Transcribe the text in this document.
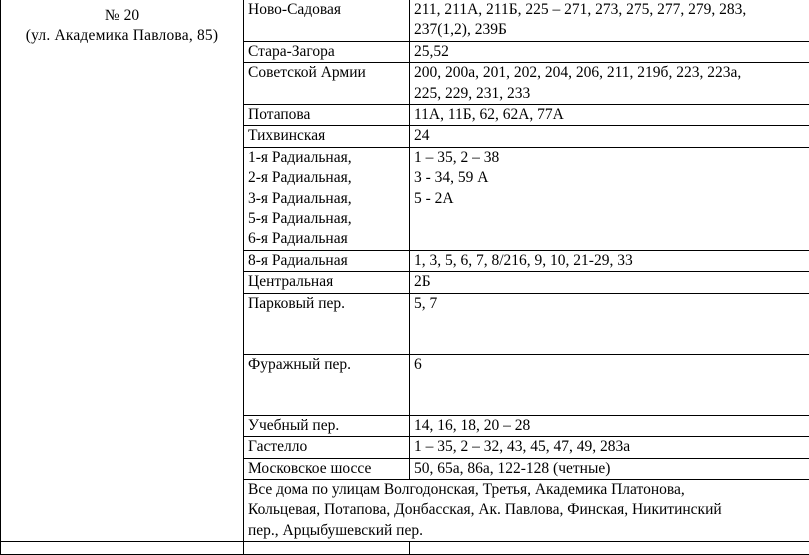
№ 20
(ул. Академика Павлова, 85)	Ново-Садовая	211, 211А, 211Б, 225 – 271, 273, 275, 277, 279, 283,
237(1,2), 239Б

	Стара-Загора	25,52

	Советской Армии	200, 200а, 201, 202, 204, 206, 211, 219б, 223, 223а,
225, 229, 231, 233

	Потапова	11А, 11Б, 62, 62А, 77А

	Тихвинская	24

	1-я Радиальная,
2-я Радиальная,
3-я Радиальная,
5-я Радиальная,
6-я Радиальная	1 – 35, 2 – 38
3 - 34, 59 А
5 - 2А

	8-я Радиальная	1, 3, 5, 6, 7, 8/216, 9, 10, 21-29, 33

	Центральная	2Б

	Парковый пер.	5, 7

	Фуражный пер.	6

	Учебный пер.	14, 16, 18, 20 – 28

	Гастелло	1 – 35, 2 – 32, 43, 45, 47, 49, 283а

	Московское шоссе	50, 65а, 86а, 122-128 (четные)

	Все дома по улицам Волгодонская, Третья, Академика Платонова,
Кольцевая, Потапова, Донбасская, Ак. Павлова, Финская, Никитинский
пер., Арцыбушевский пер.	
